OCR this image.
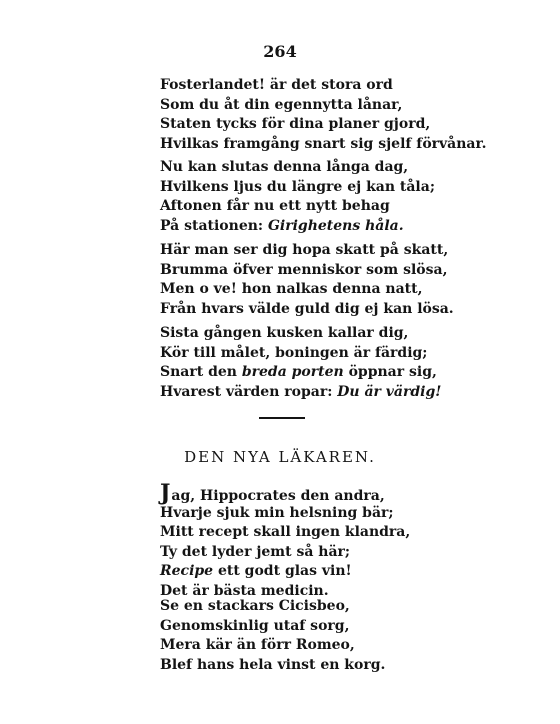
264
Fosterlandet! är det stora ord
Som du åt din egennytta lånar,
Staten tycks för dina planer gjord,
Hvilkas framgång snart sig sjelf förvånar.
Nu kan slutas denna långa dag,
Hvilkens ljus du längre ej kan tåla;
Aftonen får nu ett nytt behag
På stationen: Girighetens håla.
Här man ser dig hopa skatt på skatt,
Brumma öfver menniskor som slösa,
Men o ve! hon nalkas denna natt,
Från hvars välde guld dig ej kan lösa.
Sista gången kusken kallar dig,
Kör till målet, boningen är färdig;
Snart den breda porten öppnar sig,
Hvarest värden ropar: Du är värdig!
DEN NYA LÄKAREN.
Jag, Hippocrates den andra,
Hvarje sjuk min helsning bär;
Mitt recept skall ingen klandra,
Ty det lyder jemt så här;
Recipe ett godt glas vin!
Det är bästa medicin.
Se en stackars Cicisbeo,
Genomskinlig utaf sorg,
Mera kär än förr Romeo,
Blef hans hela vinst en korg.
